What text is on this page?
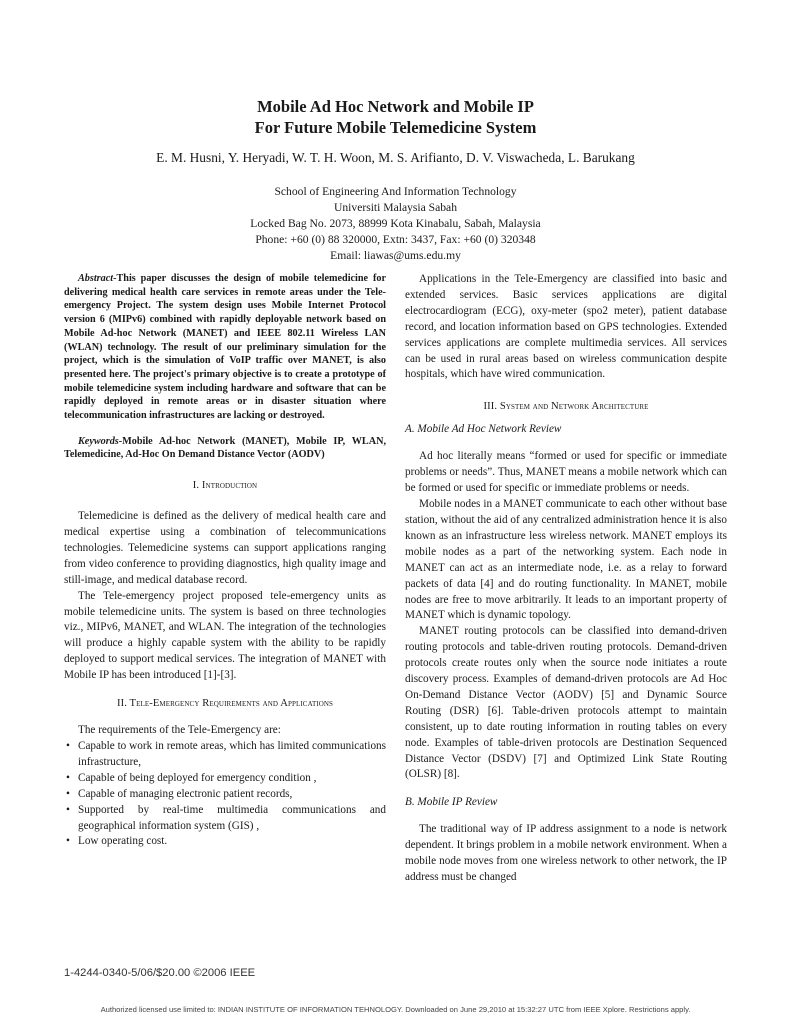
Mobile Ad Hoc Network and Mobile IP
For Future Mobile Telemedicine System
E. M. Husni, Y. Heryadi, W. T. H. Woon, M. S. Arifianto, D. V. Viswacheda, L. Barukang
School of Engineering And Information Technology
Universiti Malaysia Sabah
Locked Bag No. 2073, 88999 Kota Kinabalu, Sabah, Malaysia
Phone: +60 (0) 88 320000, Extn: 3437, Fax: +60 (0) 320348
Email: liawas@ums.edu.my

Abstract-This paper discusses the design of mobile telemedicine for delivering medical health care services in remote areas under the Tele-emergency Project. The system design uses Mobile Internet Protocol version 6 (MIPv6) combined with rapidly deployable network based on Mobile Ad-hoc Network (MANET) and IEEE 802.11 Wireless LAN (WLAN) technology. The result of our preliminary simulation for the project, which is the simulation of VoIP traffic over MANET, is also presented here. The project's primary objective is to create a prototype of mobile telemedicine system including hardware and software that can be rapidly deployed in remote areas or in disaster situation where telecommunication infrastructures are lacking or destroyed.

Keywords-Mobile Ad-hoc Network (MANET), Mobile IP, WLAN, Telemedicine, Ad-Hoc On Demand Distance Vector (AODV)

I. Introduction

Telemedicine is defined as the delivery of medical health care and medical expertise using a combination of telecommunications technologies. Telemedicine systems can support applications ranging from video conference to providing diagnostics, high quality image and still-image, and medical database record.

The Tele-emergency project proposed tele-emergency units as mobile telemedicine units. The system is based on three technologies viz., MIPv6, MANET, and WLAN. The integration of the technologies will produce a highly capable system with the ability to be rapidly deployed to support medical services. The integration of MANET with Mobile IP has been introduced [1]-[3].

II. Tele-Emergency Requirements and Applications

The requirements of the Tele-Emergency are:

• Capable to work in remote areas, which has limited communications infrastructure,
• Capable of being deployed for emergency condition ,
• Capable of managing electronic patient records,
• Supported by real-time multimedia communications and geographical information system (GIS) ,
• Low operating cost.

Applications in the Tele-Emergency are classified into basic and extended services. Basic services applications are digital electrocardiogram (ECG), oxy-meter (spo2 meter), patient database record, and location information based on GPS technologies. Extended services applications are complete multimedia services. All services can be used in rural areas based on wireless communication despite hospitals, which have wired communication.

III. System and Network Architecture
A. Mobile Ad Hoc Network Review

Ad hoc literally means “formed or used for specific or immediate problems or needs”. Thus, MANET means a mobile network which can be formed or used for specific or immediate problems or needs.

Mobile nodes in a MANET communicate to each other without base station, without the aid of any centralized administration hence it is also known as an infrastructure less wireless network. MANET employs its mobile nodes as a part of the networking system. Each node in MANET can act as an intermediate node, i.e. as a relay to forward packets of data [4] and do routing functionality. In MANET, mobile nodes are free to move arbitrarily. It leads to an important property of MANET which is dynamic topology.

MANET routing protocols can be classified into demand-driven routing protocols and table-driven routing protocols. Demand-driven protocols create routes only when the source node initiates a route discovery process. Examples of demand-driven protocols are Ad Hoc On-Demand Distance Vector (AODV) [5] and Dynamic Source Routing (DSR) [6]. Table-driven protocols attempt to maintain consistent, up to date routing information in routing tables on every node. Examples of table-driven protocols are Destination Sequenced Distance Vector (DSDV) [7] and Optimized Link State Routing (OLSR) [8].

B. Mobile IP Review

The traditional way of IP address assignment to a node is network dependent. It brings problem in a mobile network environment. When a mobile node moves from one wireless network to other network, the IP address must be changed

1-4244-0340-5/06/$20.00 ©2006 IEEE
Authorized licensed use limited to: INDIAN INSTITUTE OF INFORMATION TEHNOLOGY. Downloaded on June 29,2010 at 15:32:27 UTC from IEEE Xplore. Restrictions apply.
